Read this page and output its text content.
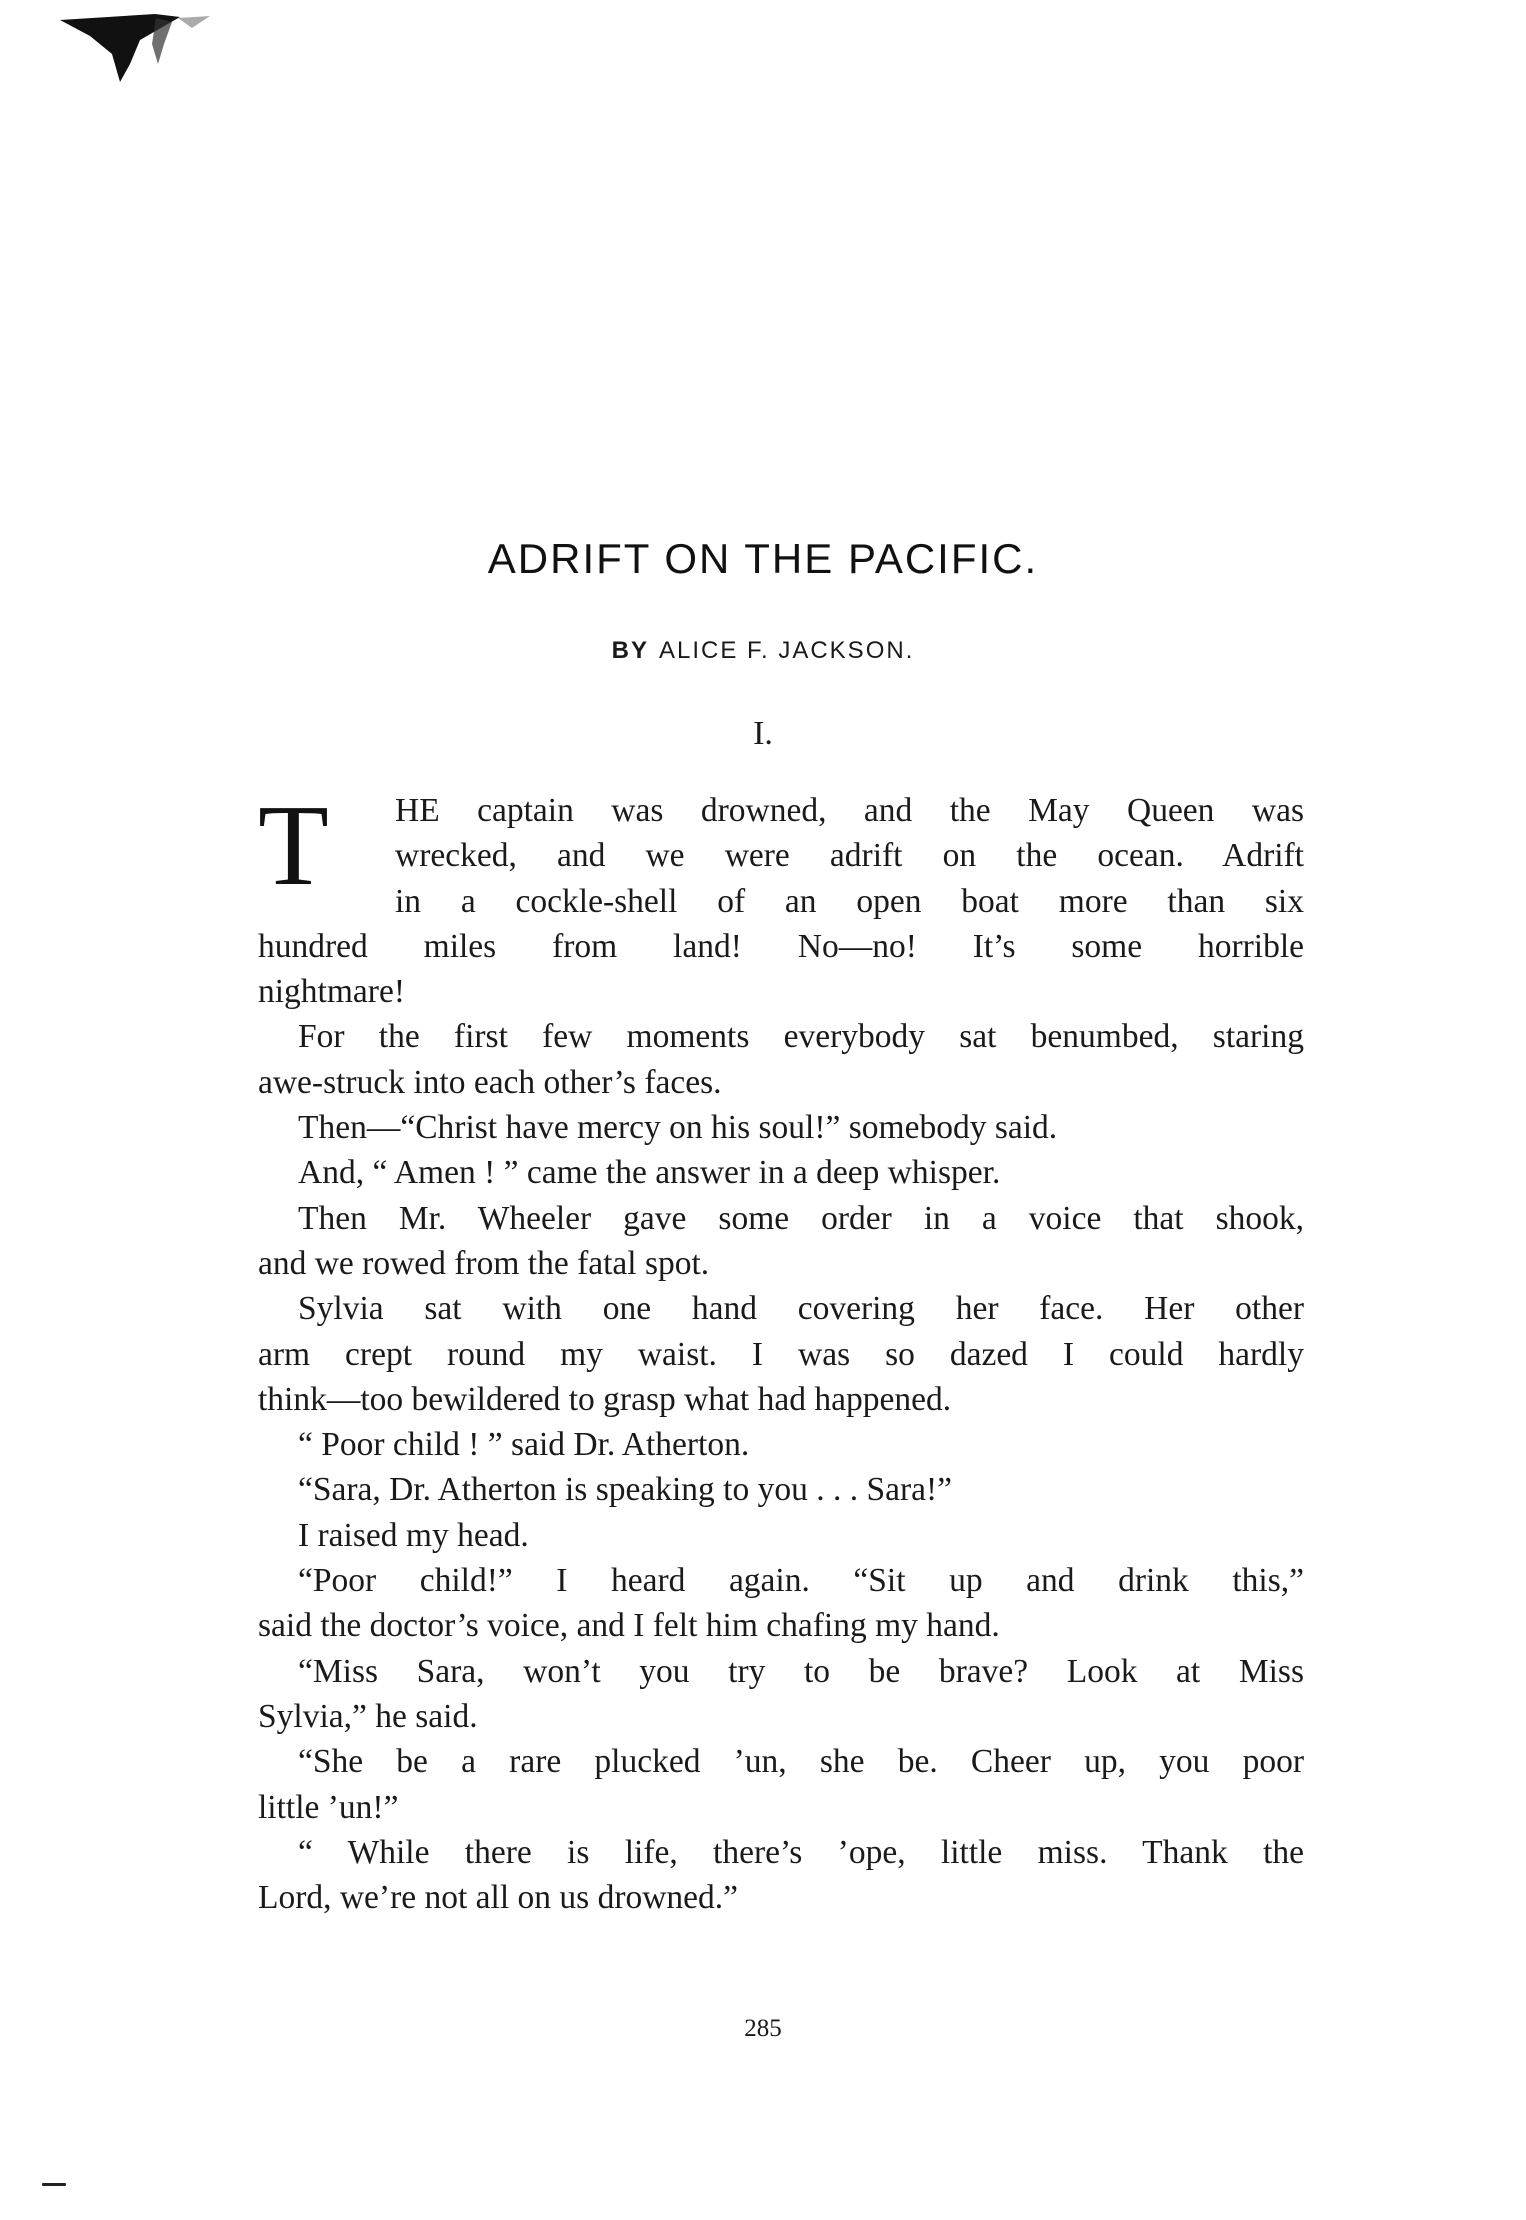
ADRIFT ON THE PACIFIC.
BY ALICE F. JACKSON.
I.
T	HE captain was drowned, and the May Queen was
wrecked, and we were adrift on the ocean. Adrift
in a cockle-shell of an open boat more than six
hundred miles from land! No—no! It’s some horrible
nightmare!
For the first few moments everybody sat benumbed, staring
awe-struck into each other’s faces.
Then—“Christ have mercy on his soul!” somebody said.
And, “ Amen ! ” came the answer in a deep whisper.
Then Mr. Wheeler gave some order in a voice that shook,
and we rowed from the fatal spot.
Sylvia sat with one hand covering her face. Her other
arm crept round my waist. I was so dazed I could hardly
think—too bewildered to grasp what had happened.
“ Poor child ! ” said Dr. Atherton.
“Sara, Dr. Atherton is speaking to you . . . Sara!”
I raised my head.
“Poor child!” I heard again. “Sit up and drink this,”
said the doctor’s voice, and I felt him chafing my hand.
“Miss Sara, won’t you try to be brave? Look at Miss
Sylvia,” he said.
“She be a rare plucked ’un, she be. Cheer up, you poor
little ’un!”
“ While there is life, there’s ’ope, little miss. Thank the
Lord, we’re not all on us drowned.”
285
